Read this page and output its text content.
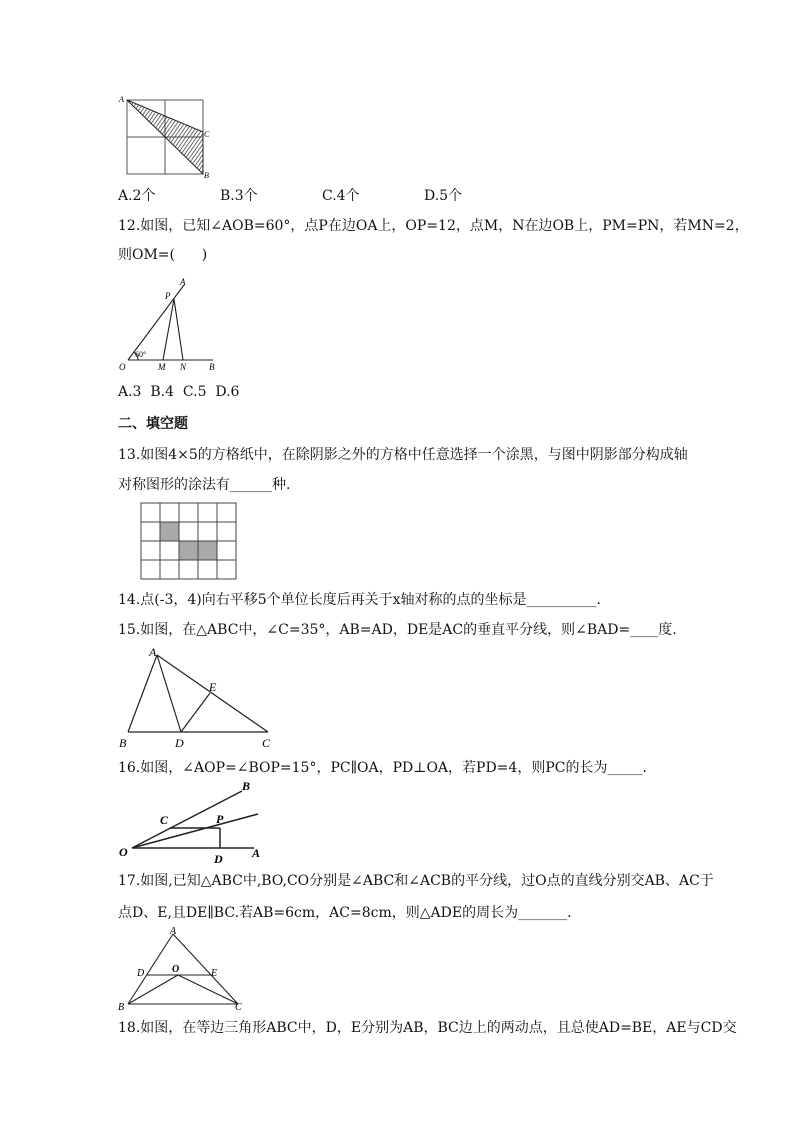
A
C
B
A.2个	B.3个	C.4个	D.5个
12.如图，已知∠AOB=60°，点P在边OA上，OP=12，点M，N在边OB上，PM=PN，若MN=2，
则OM=(      )
A
P
O	M N	B
60°
A.3  B.4  C.5  D.6
二、填空题
13.如图4×5的方格纸中，在除阴影之外的方格中任意选择一个涂黑，与图中阴影部分构成轴
对称图形的涂法有______种.
14.点(-3，4)向右平移5个单位长度后再关于x轴对称的点的坐标是__________.
15.如图，在△ABC中，∠C=35°，AB=AD，DE是AC的垂直平分线，则∠BAD=____度.
A
B	D	C
E
16.如图，∠AOP=∠BOP=15°，PC∥OA，PD⊥OA，若PD=4，则PC的长为_____.
O	A
B
C	P
D
17.如图,已知△ABC中,BO,CO分别是∠ABC和∠ACB的平分线，过O点的直线分别交AB、AC于
点D、E,且DE∥BC.若AB=6cm，AC=8cm，则△ADE的周长为_______.
A
D	O	E
B	C
18.如图，在等边三角形ABC中，D，E分别为AB，BC边上的两动点，且总使AD=BE，AE与CD交
